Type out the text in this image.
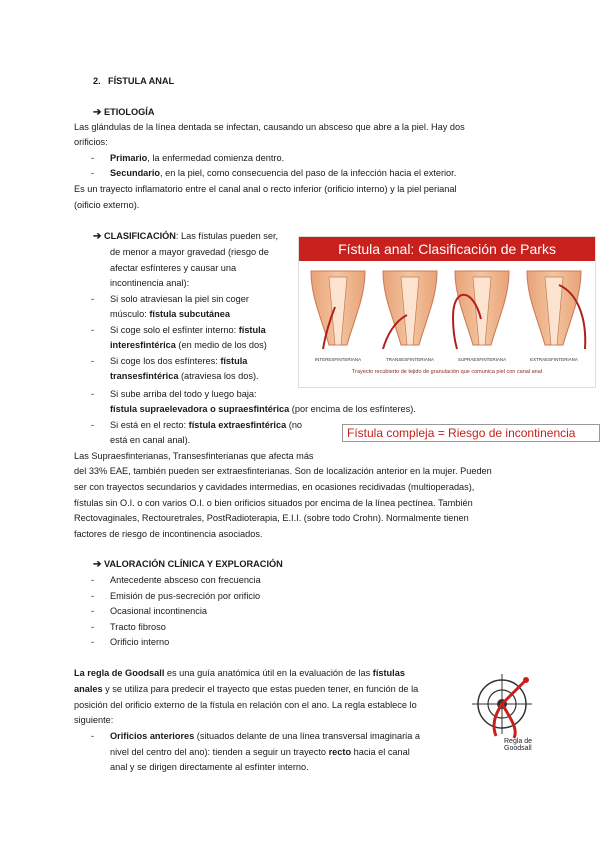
2. FÍSTULA ANAL
➔ ETIOLOGÍA
Las glándulas de la línea dentada se infectan, causando un absceso que abre a la piel. Hay dos
orificios:
- Primario, la enfermedad comienza dentro.
- Secundario, en la piel, como consecuencia del paso de la infección hacia el exterior.
Es un trayecto inflamatorio entre el canal anal o recto inferior (orificio interno) y la piel perianal
(oificio externo).
➔ CLASIFICACIÓN: Las fístulas pueden ser,
de menor a mayor gravedad (riesgo de
afectar esfínteres y causar una
incontinencia anal):
- Si solo atraviesan la piel sin coger
músculo: fístula subcutánea
- Si coge solo el esfínter interno: fístula
interesfintérica (en medio de los dos)
- Si coge los dos esfínteres: fístula
transesfintérica (atraviesa los dos).
- Si sube arriba del todo y luego baja:
fístula supraelevadora o supraesfintérica (por encima de los esfínteres).
- Si está en el recto: fístula extraesfintérica (no
está en canal anal).
Las Supraesfinterianas, Transesfinterianas que afecta más
del 33% EAE, también pueden ser extraesfinterianas. Son de localización anterior en la mujer. Pueden
ser con trayectos secundarios y cavidades intermedias, en ocasiones recidivadas (multioperadas),
fístulas sin O.I. o con varios O.I. o bien orificios situados por encima de la línea pectínea. También
Rectovaginales, Rectouretrales, PostRadioterapia, E.I.I. (sobre todo Crohn). Normalmente tienen
factores de riesgo de incontinencia asociados.
Fístula anal: Clasificación de Parks
INTERESFINTERIANA	TRANSESFINTERIANA	SUPRAESFINTERIANA	EXTRAESFINTERIANA
Trayecto recubierto de tejido de granulación que comunica piel con canal anal
Fístula compleja = Riesgo de incontinencia
➔ VALORACIÓN CLÍNICA Y EXPLORACIÓN
- Antecedente absceso con frecuencia
- Emisión de pus-secreción por orificio
- Ocasional incontinencia
- Tracto fibroso
- Orificio interno
La regla de Goodsall es una guía anatómica útil en la evaluación de las fístulas
anales y se utiliza para predecir el trayecto que estas pueden tener, en función de la
posición del orificio externo de la fístula en relación con el ano. La regla establece lo
siguiente:
- Orificios anteriores (situados delante de una línea transversal imaginaria a
nivel del centro del ano): tienden a seguir un trayecto recto hacia el canal
anal y se dirigen directamente al esfínter interno.
Regla de Goodsall
